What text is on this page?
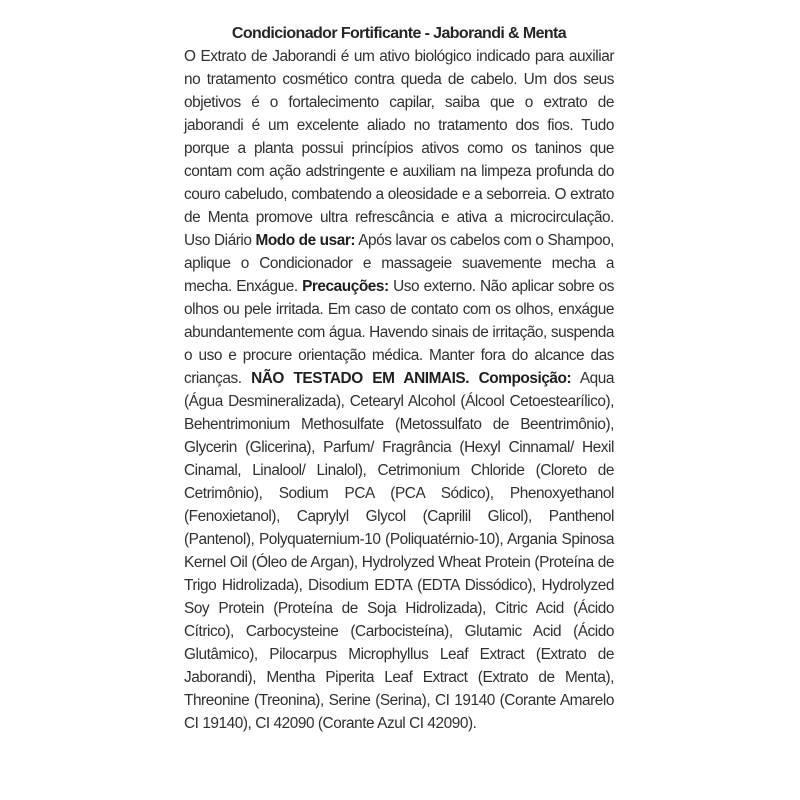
Condicionador Fortificante - Jaborandi & Menta

O Extrato de Jaborandi é um ativo biológico indicado para auxiliar no tratamento cosmético contra queda de cabelo. Um dos seus objetivos é o fortalecimento capilar, saiba que o extrato de jaborandi é um excelente aliado no tratamento dos fios. Tudo porque a planta possui princípios ativos como os taninos que contam com ação adstringente e auxiliam na limpeza profunda do couro cabeludo, combatendo a oleosidade e a seborreia. O extrato de Menta promove ultra refrescância e ativa a microcirculação. Uso Diário Modo de usar: Após lavar os cabelos com o Shampoo, aplique o Condicionador e massageie suavemente mecha a mecha. Enxágue. Precauções: Uso externo. Não aplicar sobre os olhos ou pele irritada. Em caso de contato com os olhos, enxágue abundantemente com água. Havendo sinais de irritação, suspenda o uso e procure orientação médica. Manter fora do alcance das crianças. NÃO TESTADO EM ANIMAIS. Composição: Aqua (Água Desmineralizada), Cetearyl Alcohol (Álcool Cetoestearílico), Behentrimonium Methosulfate (Metossulfato de Beentrimônio), Glycerin (Glicerina), Parfum/ Fragrância (Hexyl Cinnamal/ Hexil Cinamal, Linalool/ Linalol), Cetrimonium Chloride (Cloreto de Cetrimônio), Sodium PCA (PCA Sódico), Phenoxyethanol (Fenoxietanol), Caprylyl Glycol (Caprilil Glicol), Panthenol (Pantenol), Polyquaternium-10 (Poliquatérnio-10), Argania Spinosa Kernel Oil (Óleo de Argan), Hydrolyzed Wheat Protein (Proteína de Trigo Hidrolizada), Disodium EDTA (EDTA Dissódico), Hydrolyzed Soy Protein (Proteína de Soja Hidrolizada), Citric Acid (Ácido Cítrico), Carbocysteine (Carbocisteína), Glutamic Acid (Ácido Glutâmico), Pilocarpus Microphyllus Leaf Extract (Extrato de Jaborandi), Mentha Piperita Leaf Extract (Extrato de Menta), Threonine (Treonina), Serine (Serina), CI 19140 (Corante Amarelo CI 19140), CI 42090 (Corante Azul CI 42090).
